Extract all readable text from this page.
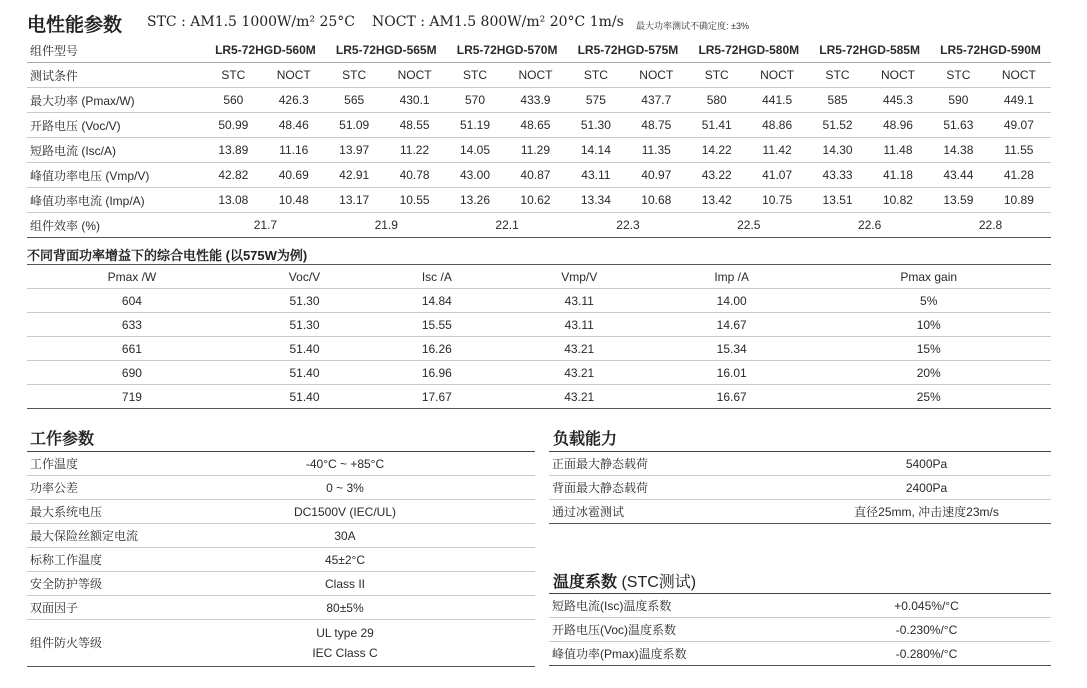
电性能参数 STC : AM1.5 1000W/m² 25°C NOCT : AM1.5 800W/m² 20°C 1m/s 最大功率测试不确定度: ±3%
组件型号	LR5-72HGD-560M		LR5-72HGD-565M		LR5-72HGD-570M		LR5-72HGD-575M		LR5-72HGD-580M		LR5-72HGD-585M		LR5-72HGD-590M	
测试条件	STC	NOCT	STC	NOCT	STC	NOCT	STC	NOCT	STC	NOCT	STC	NOCT	STC	NOCT
最大功率 (Pmax/W)	560	426.3	565	430.1	570	433.9	575	437.7	580	441.5	585	445.3	590	449.1
开路电压 (Voc/V)	50.99	48.46	51.09	48.55	51.19	48.65	51.30	48.75	51.41	48.86	51.52	48.96	51.63	49.07
短路电流 (Isc/A)	13.89	11.16	13.97	11.22	14.05	11.29	14.14	11.35	14.22	11.42	14.30	11.48	14.38	11.55
峰值功率电压 (Vmp/V)	42.82	40.69	42.91	40.78	43.00	40.87	43.11	40.97	43.22	41.07	43.33	41.18	43.44	41.28
峰值功率电流 (Imp/A)	13.08	10.48	13.17	10.55	13.26	10.62	13.34	10.68	13.42	10.75	13.51	10.82	13.59	10.89
组件效率 (%)	21.7		21.9		22.1		22.3		22.5		22.6		22.8	
不同背面功率增益下的综合电性能 (以575W为例)
Pmax /W	Voc/V	Isc /A	Vmp/V	Imp /A	Pmax gain
604	51.30	14.84	43.11	14.00	5%
633	51.30	15.55	43.11	14.67	10%
661	51.40	16.26	43.21	15.34	15%
690	51.40	16.96	43.21	16.01	20%
719	51.40	17.67	43.21	16.67	25%
工作参数
工作温度	-40°C ~ +85°C
功率公差	0 ~ 3%
最大系统电压	DC1500V (IEC/UL)
最大保险丝额定电流	30A
标称工作温度	45±2°C
安全防护等级	Class II
双面因子	80±5%
组件防火等级	UL type 29
IEC Class C
负载能力
正面最大静态载荷	5400Pa
背面最大静态载荷	2400Pa
通过冰雹测试	直径25mm, 冲击速度23m/s
温度系数 (STC测试)
短路电流(Isc)温度系数	+0.045%/°C
开路电压(Voc)温度系数	-0.230%/°C
峰值功率(Pmax)温度系数	-0.280%/°C
